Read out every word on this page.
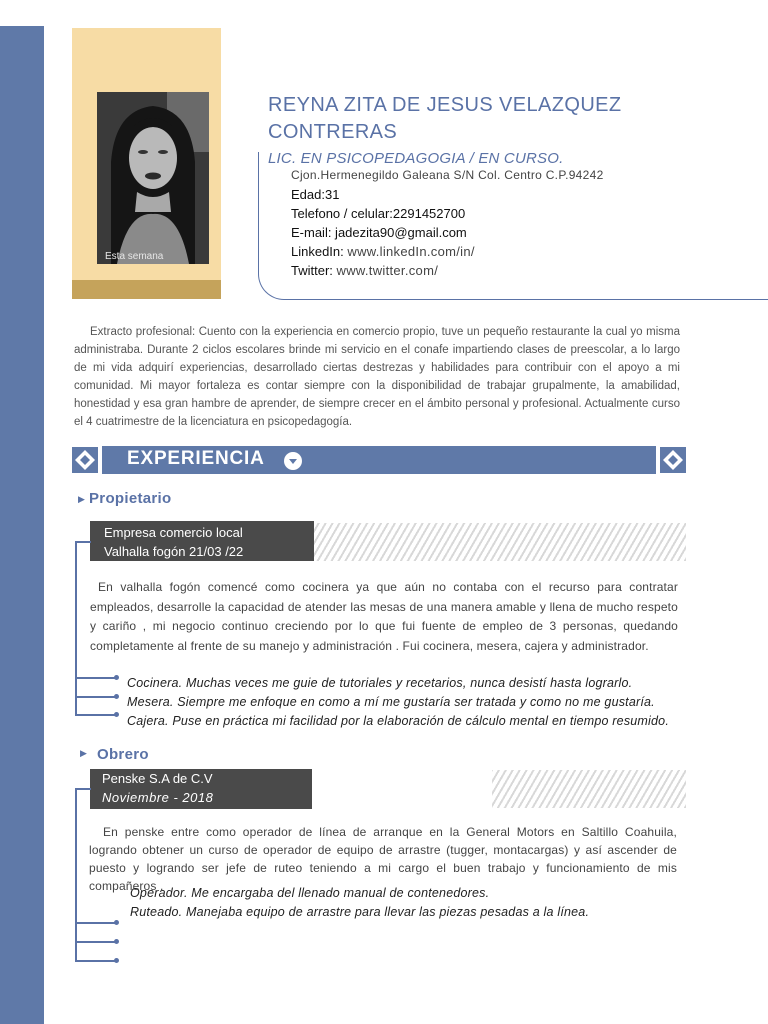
Esta semana
REYNA ZITA DE JESUS VELAZQUEZ CONTRERAS
LIC. EN PSICOPEDAGOGIA / EN CURSO.
Cjon.Hermenegildo Galeana S/N Col. Centro C.P.94242
Edad:31
Telefono / celular:2291452700
E-mail: jadezita90@gmail.com
LinkedIn: www.linkedIn.com/in/
Twitter: www.twitter.com/
Extracto profesional: Cuento con la experiencia en comercio propio, tuve un pequeño restaurante la cual yo misma administraba. Durante 2 ciclos escolares brinde mi servicio en el conafe impartiendo clases de preescolar, a lo largo de mi vida adquirí experiencias, desarrollado ciertas destrezas y habilidades para contribuir con el apoyo a mi comunidad. Mi mayor fortaleza es contar siempre con la disponibilidad de trabajar grupalmente, la amabilidad, honestidad y esa gran hambre de aprender, de siempre crecer en el ámbito personal y profesional. Actualmente curso el 4 cuatrimestre de la licenciatura en psicopedagogía.
EXPERIENCIA
▶ Propietario
Empresa comercio local
Valhalla fogón 21/03 /22
En valhalla fogón comencé como cocinera ya que aún no contaba con el recurso para contratar empleados, desarrolle la capacidad de atender las mesas de una manera amable y llena de mucho respeto y cariño , mi negocio continuo creciendo por lo que fui fuente de empleo de 3 personas, quedando completamente al frente de su manejo y administración . Fui cocinera, mesera, cajera y administrador.
Cocinera. Muchas veces me guie de tutoriales y recetarios, nunca desistí hasta lograrlo.
Mesera. Siempre me enfoque en como a mí me gustaría ser tratada y como no me gustaría.
Cajera. Puse en práctica mi facilidad por la elaboración de cálculo mental en tiempo resumido.
▶ Obrero
Penske S.A de C.V
Noviembre - 2018
En penske entre como operador de línea de arranque en la General Motors en Saltillo Coahuila, logrando obtener un curso de operador de equipo de arrastre (tugger, montacargas) y así ascender de puesto y logrando ser jefe de ruteo teniendo a mi cargo el buen trabajo y funcionamiento de mis compañeros .
Operador. Me encargaba del llenado manual de contenedores.
Ruteado. Manejaba equipo de arrastre para llevar las piezas pesadas a la línea.
